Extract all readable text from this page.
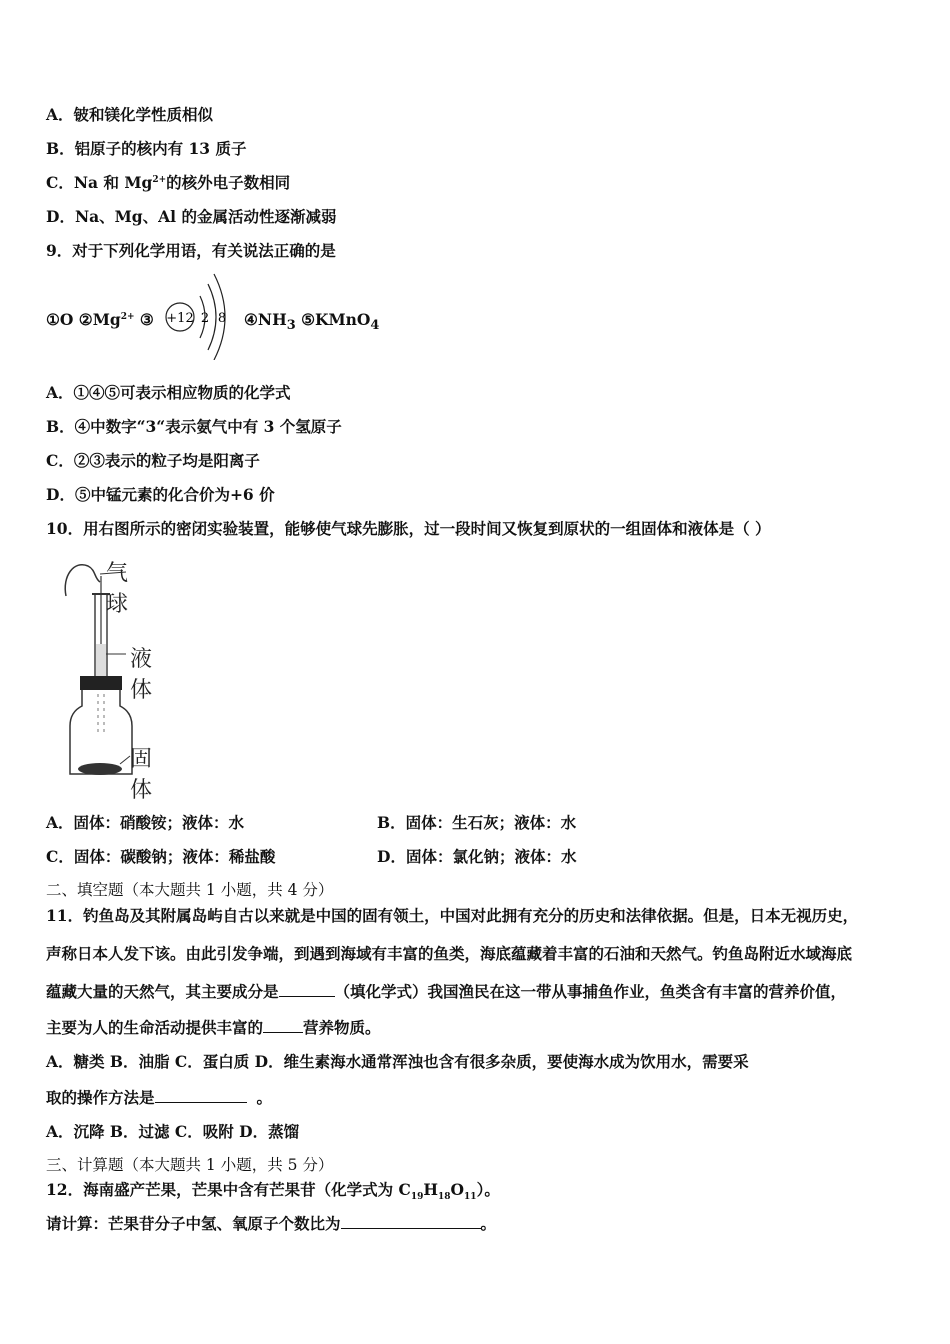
A．铍和镁化学性质相似
B．铝原子的核内有 13 质子
C．Na 和 $Mg^{2+}$的核外电子数相同
D．Na、Mg、Al 的金属活动性逐渐减弱
9．对于下列化学用语，有关说法正确的是
①O $②Mg^{2+}$ ③ +12 2 8 $④NH_3$ ⑤KMnO$_4$
A．①④⑤可表示相应物质的化学式
B．④中数字“3“表示氨气中有 3 个氢原子
C．②③表示的粒子均是阳离子
D．⑤中锰元素的化合价为+6 价
10．用右图所示的密闭实验装置，能够使气球先膨胀，过一段时间又恢复到原状的一组固体和液体是（ ）
气球
液体
固体
A．固体：硝酸铵；液体：水	B．固体：生石灰；液体：水
C．固体：碳酸钠；液体：稀盐酸	D．固体：氯化钠；液体：水
二、填空题（本大题共 1 小题，共 4 分）
11．钓鱼岛及其附属岛屿自古以来就是中国的固有领土，中国对此拥有充分的历史和法律依据。但是，日本无视历史，
声称日本人发下该。由此引发争端，到遇到海域有丰富的鱼类，海底蕴藏着丰富的石油和天然气。钓鱼岛附近水域海底
蕴藏大量的天然气，其主要成分是	（填化学式）我国渔民在这一带从事捕鱼作业，鱼类含有丰富的营养价值，
主要为人的生命活动提供丰富的	营养物质。
A．糖类 B．油脂 C．蛋白质 D．维生素海水通常浑浊也含有很多杂质，要使海水成为饮用水，需要采
取的操作方法是	。
A．沉降 B．过滤 C．吸附 D．蒸馏
三、计算题（本大题共 1 小题，共 5 分）
12．海南盛产芒果，芒果中含有芒果苷（化学式为 $C_{19}H_{18}O_{11}$）。
请计算：芒果苷分子中氢、氧原子个数比为	。
